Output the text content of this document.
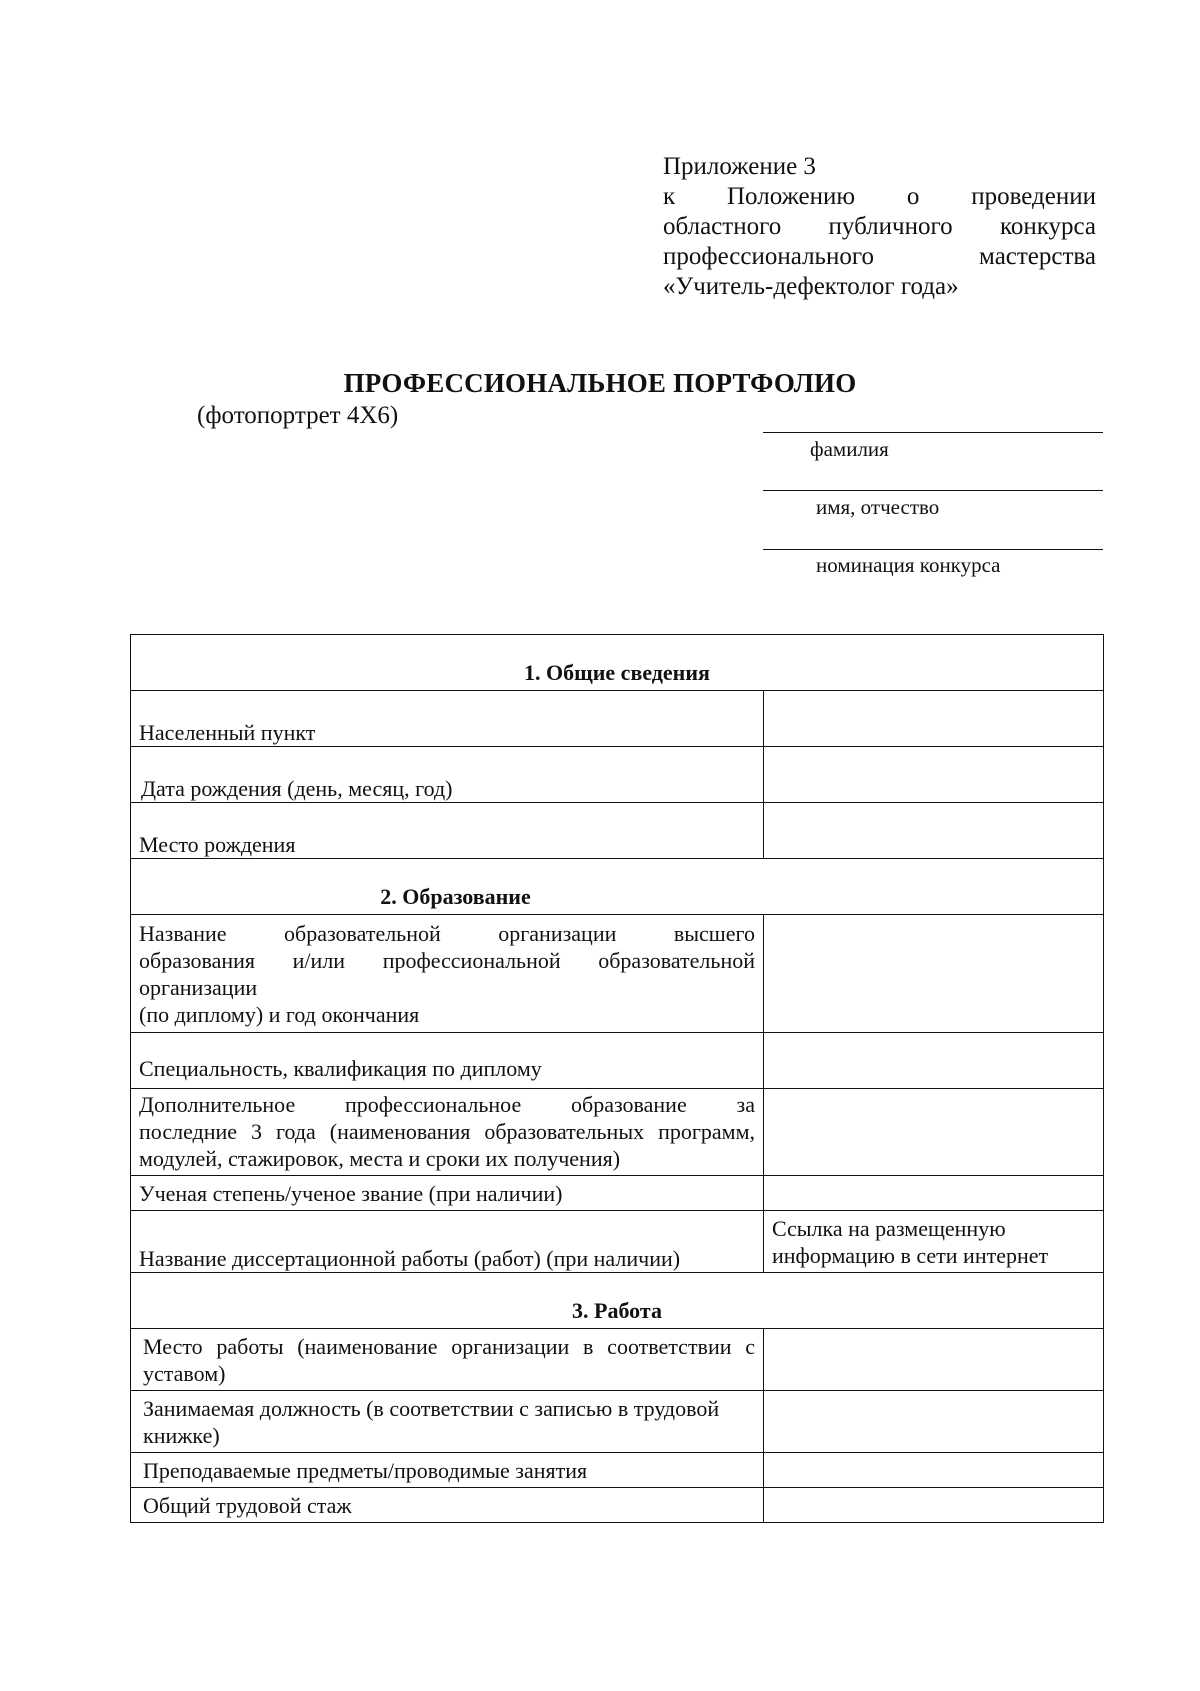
Приложение 3
к Положению о проведении
областного публичного конкурса
профессионального мастерства
«Учитель-дефектолог года»
ПРОФЕССИОНАЛЬНОЕ ПОРТФОЛИО
(фотопортрет 4Х6)
фамилия
имя, отчество
номинация конкурса
1. Общие сведения	
Населенный пункт	
Дата рождения (день, месяц, год)	
Место рождения	

2. Образование	

Название образовательной организации высшего
образования и/или профессиональной образовательной
организации
(по диплому) и год окончания	

Специальность, квалификация по диплому	

Дополнительное профессиональное образование за
последние 3 года (наименования образовательных программ,
модулей, стажировок, места и сроки их получения)	

Ученая степень/ученое звание (при наличии)	
Название диссертационной работы (работ) (при наличии)	Ссылка на размещенную
информацию в сети интернет

3. Работа	

Место работы (наименование организации в соответствии с
уставом)	

Занимаемая должность (в соответствии с записью в трудовой
книжке)	

Преподаваемые предметы/проводимые занятия	
Общий трудовой стаж	
